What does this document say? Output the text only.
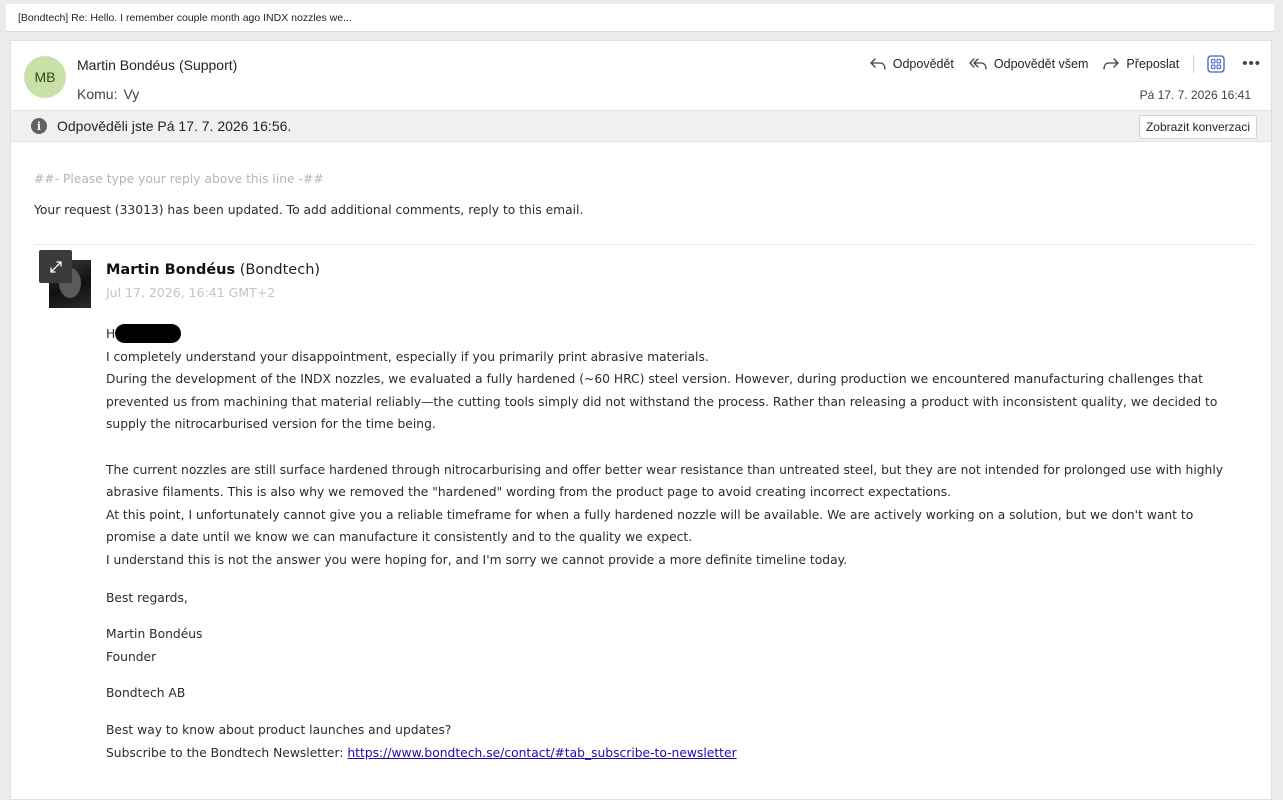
[Bondtech] Re: Hello. I remember couple month ago INDX nozzles we...
MB
Martin Bondéus (Support)
Komu: Vy
Odpovědět	Odpovědět všem	Přeposlat	•••
Pá 17. 7. 2026 16:41
i	Odpověděli jste Pá 17. 7. 2026 16:56.	Zobrazit konverzaci
##- Please type your reply above this line -##
Your request (33013) has been updated. To add additional comments, reply to this email.
Martin Bondéus (Bondtech)
Jul 17, 2026, 16:41 GMT+2
H

I completely understand your disappointment, especially if you primarily print abrasive materials.

During the development of the INDX nozzles, we evaluated a fully hardened (~60 HRC) steel version. However, during production we encountered manufacturing challenges that prevented us from machining that material reliably—the cutting tools simply did not withstand the process. Rather than releasing a product with inconsistent quality, we decided to supply the nitrocarburised version for the time being.

The current nozzles are still surface hardened through nitrocarburising and offer better wear resistance than untreated steel, but they are not intended for prolonged use with highly abrasive filaments. This is also why we removed the "hardened" wording from the product page to avoid creating incorrect expectations.

At this point, I unfortunately cannot give you a reliable timeframe for when a fully hardened nozzle will be available. We are actively working on a solution, but we don't want to promise a date until we know we can manufacture it consistently and to the quality we expect.

I understand this is not the answer you were hoping for, and I'm sorry we cannot provide a more definite timeline today.

Best regards,

Martin Bondéus

Founder

Bondtech AB

Best way to know about product launches and updates?

Subscribe to the Bondtech Newsletter: https://www.bondtech.se/contact/#tab_subscribe-to-newsletter
